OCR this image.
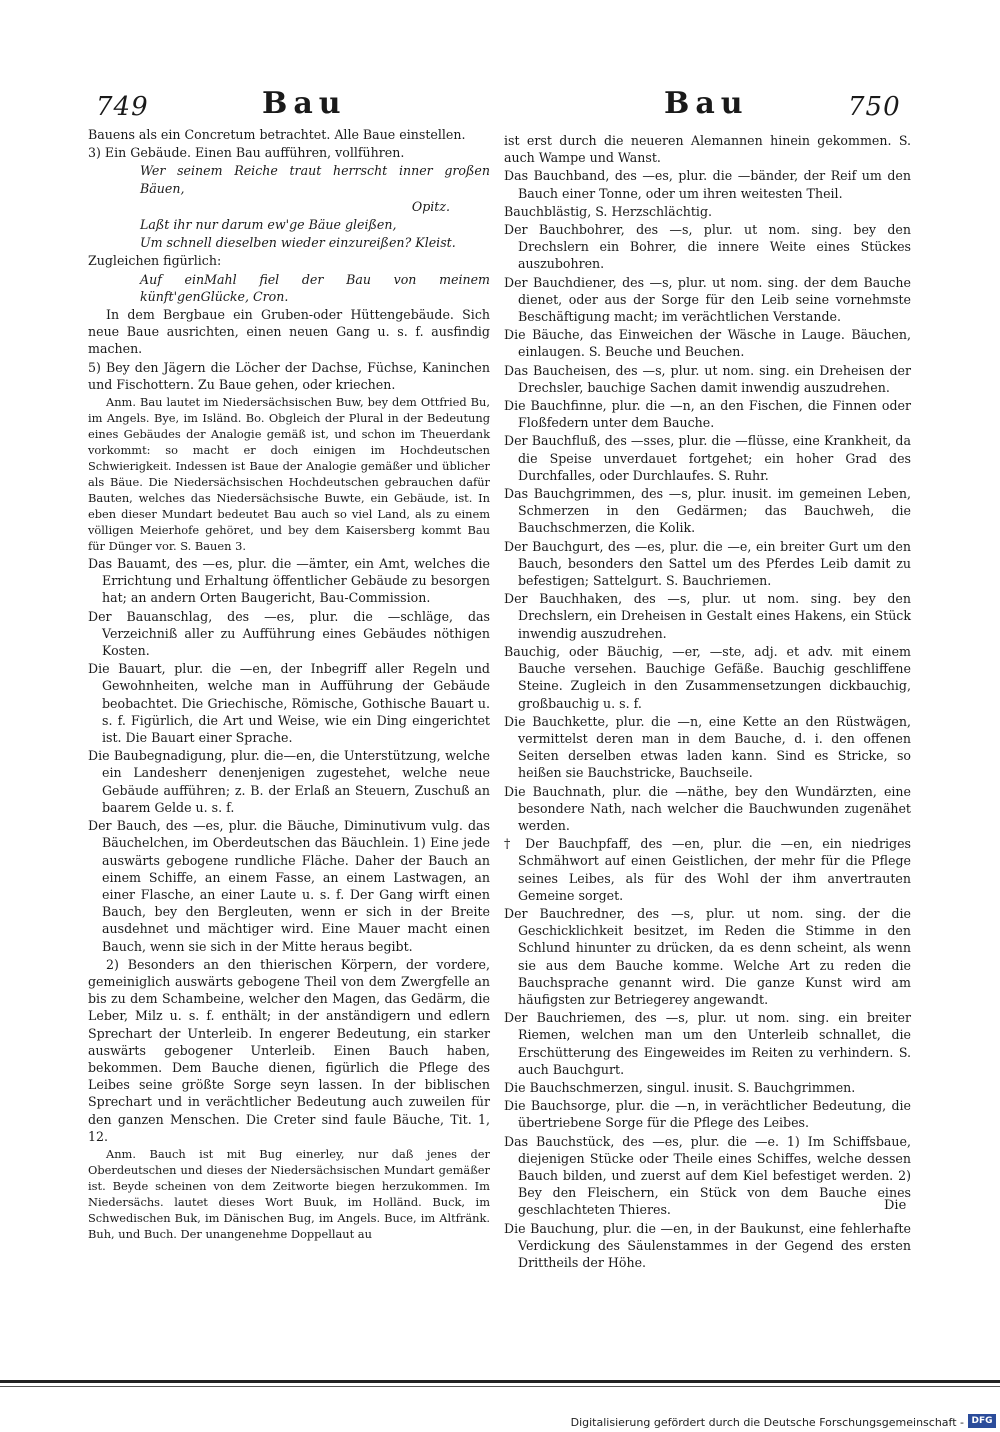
749	Bau	Bau	750

Bauens als ein Concretum betrachtet. Alle Baue einstellen.

3) Ein Gebäude. Einen Bau aufführen, vollführen.

Wer seinem Reiche traut herrscht inner großen Bäuen,

Opitz.

Laßt ihr nur darum ew'ge Bäue gleißen,

Um schnell dieselben wieder einzureißen? Kleist.

Zugleichen figürlich:

Auf einMahl fiel der Bau von meinem künft'genGlücke, Cron.

In dem Bergbaue ein Gruben-oder Hüttengebäude. Sich neue Baue ausrichten, einen neuen Gang u. s. f. ausfindig machen.

5) Bey den Jägern die Löcher der Dachse, Füchse, Kaninchen und Fischottern. Zu Baue gehen, oder kriechen.

Anm. Bau lautet im Niedersächsischen Buw, bey dem Ottfried Bu, im Angels. Bye, im Isländ. Bo. Obgleich der Plural in der Bedeutung eines Gebäudes der Analogie gemäß ist, und schon im Theuerdank vorkommt: so macht er doch einigen im Hochdeutschen Schwierigkeit. Indessen ist Baue der Analogie gemäßer und üblicher als Bäue. Die Niedersächsischen Hochdeutschen gebrauchen dafür Bauten, welches das Niedersächsische Buwte, ein Gebäude, ist. In eben dieser Mundart bedeutet Bau auch so viel Land, als zu einem völligen Meierhofe gehöret, und bey dem Kaisersberg kommt Bau für Dünger vor. S. Bauen 3.

Das Bauamt, des —es, plur. die —ämter, ein Amt, welches die Errichtung und Erhaltung öffentlicher Gebäude zu besorgen hat; an andern Orten Baugericht, Bau-Commission.

Der Bauanschlag, des —es, plur. die —schläge, das Verzeichniß aller zu Aufführung eines Gebäudes nöthigen Kosten.

Die Bauart, plur. die —en, der Inbegriff aller Regeln und Gewohnheiten, welche man in Aufführung der Gebäude beobachtet. Die Griechische, Römische, Gothische Bauart u. s. f. Figürlich, die Art und Weise, wie ein Ding eingerichtet ist. Die Bauart einer Sprache.

Die Baubegnadigung, plur. die—en, die Unterstützung, welche ein Landesherr denenjenigen zugestehet, welche neue Gebäude aufführen; z. B. der Erlaß an Steuern, Zuschuß an baarem Gelde u. s. f.

Der Bauch, des —es, plur. die Bäuche, Diminutivum vulg. das Bäuchelchen, im Oberdeutschen das Bäuchlein. 1) Eine jede auswärts gebogene rundliche Fläche. Daher der Bauch an einem Schiffe, an einem Fasse, an einem Lastwagen, an einer Flasche, an einer Laute u. s. f. Der Gang wirft einen Bauch, bey den Bergleuten, wenn er sich in der Breite ausdehnet und mächtiger wird. Eine Mauer macht einen Bauch, wenn sie sich in der Mitte heraus begibt.

2) Besonders an den thierischen Körpern, der vordere, gemeiniglich auswärts gebogene Theil von dem Zwergfelle an bis zu dem Schambeine, welcher den Magen, das Gedärm, die Leber, Milz u. s. f. enthält; in der anständigern und edlern Sprechart der Unterleib. In engerer Bedeutung, ein starker auswärts gebogener Unterleib. Einen Bauch haben, bekommen. Dem Bauche dienen, figürlich die Pflege des Leibes seine größte Sorge seyn lassen. In der biblischen Sprechart und in verächtlicher Bedeutung auch zuweilen für den ganzen Menschen. Die Creter sind faule Bäuche, Tit. 1, 12.

Anm. Bauch ist mit Bug einerley, nur daß jenes der Oberdeutschen und dieses der Niedersächsischen Mundart gemäßer ist. Beyde scheinen von dem Zeitworte biegen herzukommen. Im Niedersächs. lautet dieses Wort Buuk, im Holländ. Buck, im Schwedischen Buk, im Dänischen Bug, im Angels. Buce, im Altfränk. Buh, und Buch. Der unangenehme Doppellaut au

ist erst durch die neueren Alemannen hinein gekommen. S. auch Wampe und Wanst.

Das Bauchband, des —es, plur. die —bänder, der Reif um den Bauch einer Tonne, oder um ihren weitesten Theil.

Bauchblästig, S. Herzschlächtig.

Der Bauchbohrer, des —s, plur. ut nom. sing. bey den Drechslern ein Bohrer, die innere Weite eines Stückes auszubohren.

Der Bauchdiener, des —s, plur. ut nom. sing. der dem Bauche dienet, oder aus der Sorge für den Leib seine vornehmste Beschäftigung macht; im verächtlichen Verstande.

Die Bäuche, das Einweichen der Wäsche in Lauge. Bäuchen, einlaugen. S. Beuche und Beuchen.

Das Baucheisen, des —s, plur. ut nom. sing. ein Dreheisen der Drechsler, bauchige Sachen damit inwendig auszudrehen.

Die Bauchfinne, plur. die —n, an den Fischen, die Finnen oder Floßfedern unter dem Bauche.

Der Bauchfluß, des —sses, plur. die —flüsse, eine Krankheit, da die Speise unverdauet fortgehet; ein hoher Grad des Durchfalles, oder Durchlaufes. S. Ruhr.

Das Bauchgrimmen, des —s, plur. inusit. im gemeinen Leben, Schmerzen in den Gedärmen; das Bauchweh, die Bauchschmerzen, die Kolik.

Der Bauchgurt, des —es, plur. die —e, ein breiter Gurt um den Bauch, besonders den Sattel um des Pferdes Leib damit zu befestigen; Sattelgurt. S. Bauchriemen.

Der Bauchhaken, des —s, plur. ut nom. sing. bey den Drechslern, ein Dreheisen in Gestalt eines Hakens, ein Stück inwendig auszudrehen.

Bauchig, oder Bäuchig, —er, —ste, adj. et adv. mit einem Bauche versehen. Bauchige Gefäße. Bauchig geschliffene Steine. Zugleich in den Zusammensetzungen dickbauchig, großbauchig u. s. f.

Die Bauchkette, plur. die —n, eine Kette an den Rüstwägen, vermittelst deren man in dem Bauche, d. i. den offenen Seiten derselben etwas laden kann. Sind es Stricke, so heißen sie Bauchstricke, Bauchseile.

Die Bauchnath, plur. die —näthe, bey den Wundärzten, eine besondere Nath, nach welcher die Bauchwunden zugenähet werden.

† Der Bauchpfaff, des —en, plur. die —en, ein niedriges Schmähwort auf einen Geistlichen, der mehr für die Pflege seines Leibes, als für des Wohl der ihm anvertrauten Gemeine sorget.

Der Bauchredner, des —s, plur. ut nom. sing. der die Geschicklichkeit besitzet, im Reden die Stimme in den Schlund hinunter zu drücken, da es denn scheint, als wenn sie aus dem Bauche komme. Welche Art zu reden die Bauchsprache genannt wird. Die ganze Kunst wird am häufigsten zur Betriegerey angewandt.

Der Bauchriemen, des —s, plur. ut nom. sing. ein breiter Riemen, welchen man um den Unterleib schnallet, die Erschütterung des Eingeweides im Reiten zu verhindern. S. auch Bauchgurt.

Die Bauchschmerzen, singul. inusit. S. Bauchgrimmen.

Die Bauchsorge, plur. die —n, in verächtlicher Bedeutung, die übertriebene Sorge für die Pflege des Leibes.

Das Bauchstück, des —es, plur. die —e. 1) Im Schiffsbaue, diejenigen Stücke oder Theile eines Schiffes, welche dessen Bauch bilden, und zuerst auf dem Kiel befestiget werden. 2) Bey den Fleischern, ein Stück von dem Bauche eines geschlachteten Thieres.

Die Bauchung, plur. die —en, in der Baukunst, eine fehlerhafte Verdickung des Säulenstammes in der Gegend des ersten Drittheils der Höhe.

Die
Digitalisierung gefördert durch die Deutsche Forschungsgemeinschaft - DFG
